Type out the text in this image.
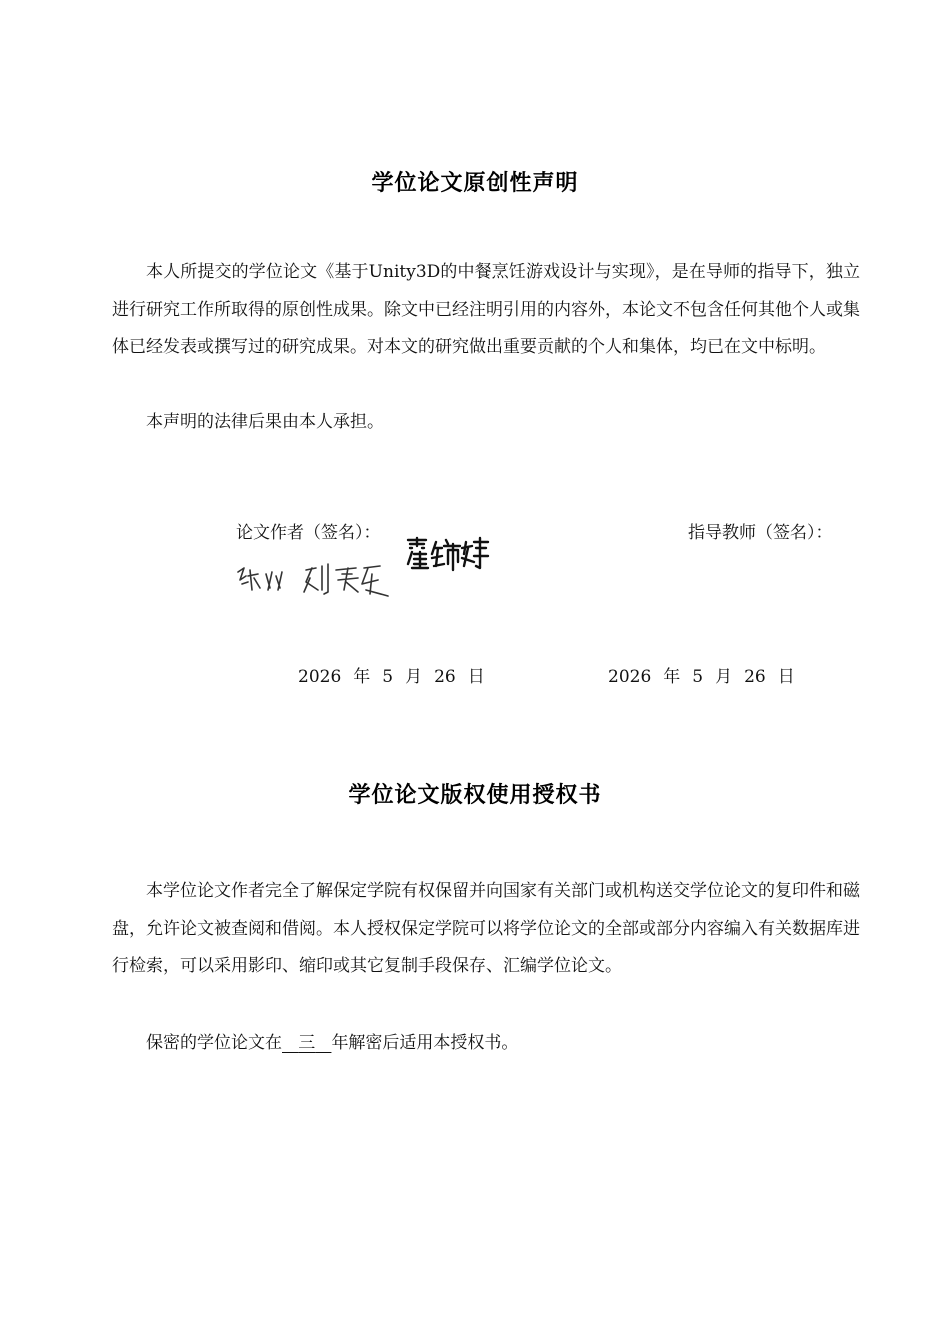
学位论文原创性声明

本人所提交的学位论文《基于Unity3D的中餐烹饪游戏设计与实现》，是在导师的指导下，独立进行研究工作所取得的原创性成果。除文中已经注明引用的内容外，本论文不包含任何其他个人或集体已经发表或撰写过的研究成果。对本文的研究做出重要贡献的个人和集体，均已在文中标明。

本声明的法律后果由本人承担。

论文作者（签名）：	指导教师（签名）：
2026 年 5 月 26 日	2026 年 5 月 26 日
学位论文版权使用授权书

本学位论文作者完全了解保定学院有权保留并向国家有关部门或机构送交学位论文的复印件和磁盘，允许论文被查阅和借阅。本人授权保定学院可以将学位论文的全部或部分内容编入有关数据库进行检索，可以采用影印、缩印或其它复制手段保存、汇编学位论文。

保密的学位论文在 三 年解密后适用本授权书。
